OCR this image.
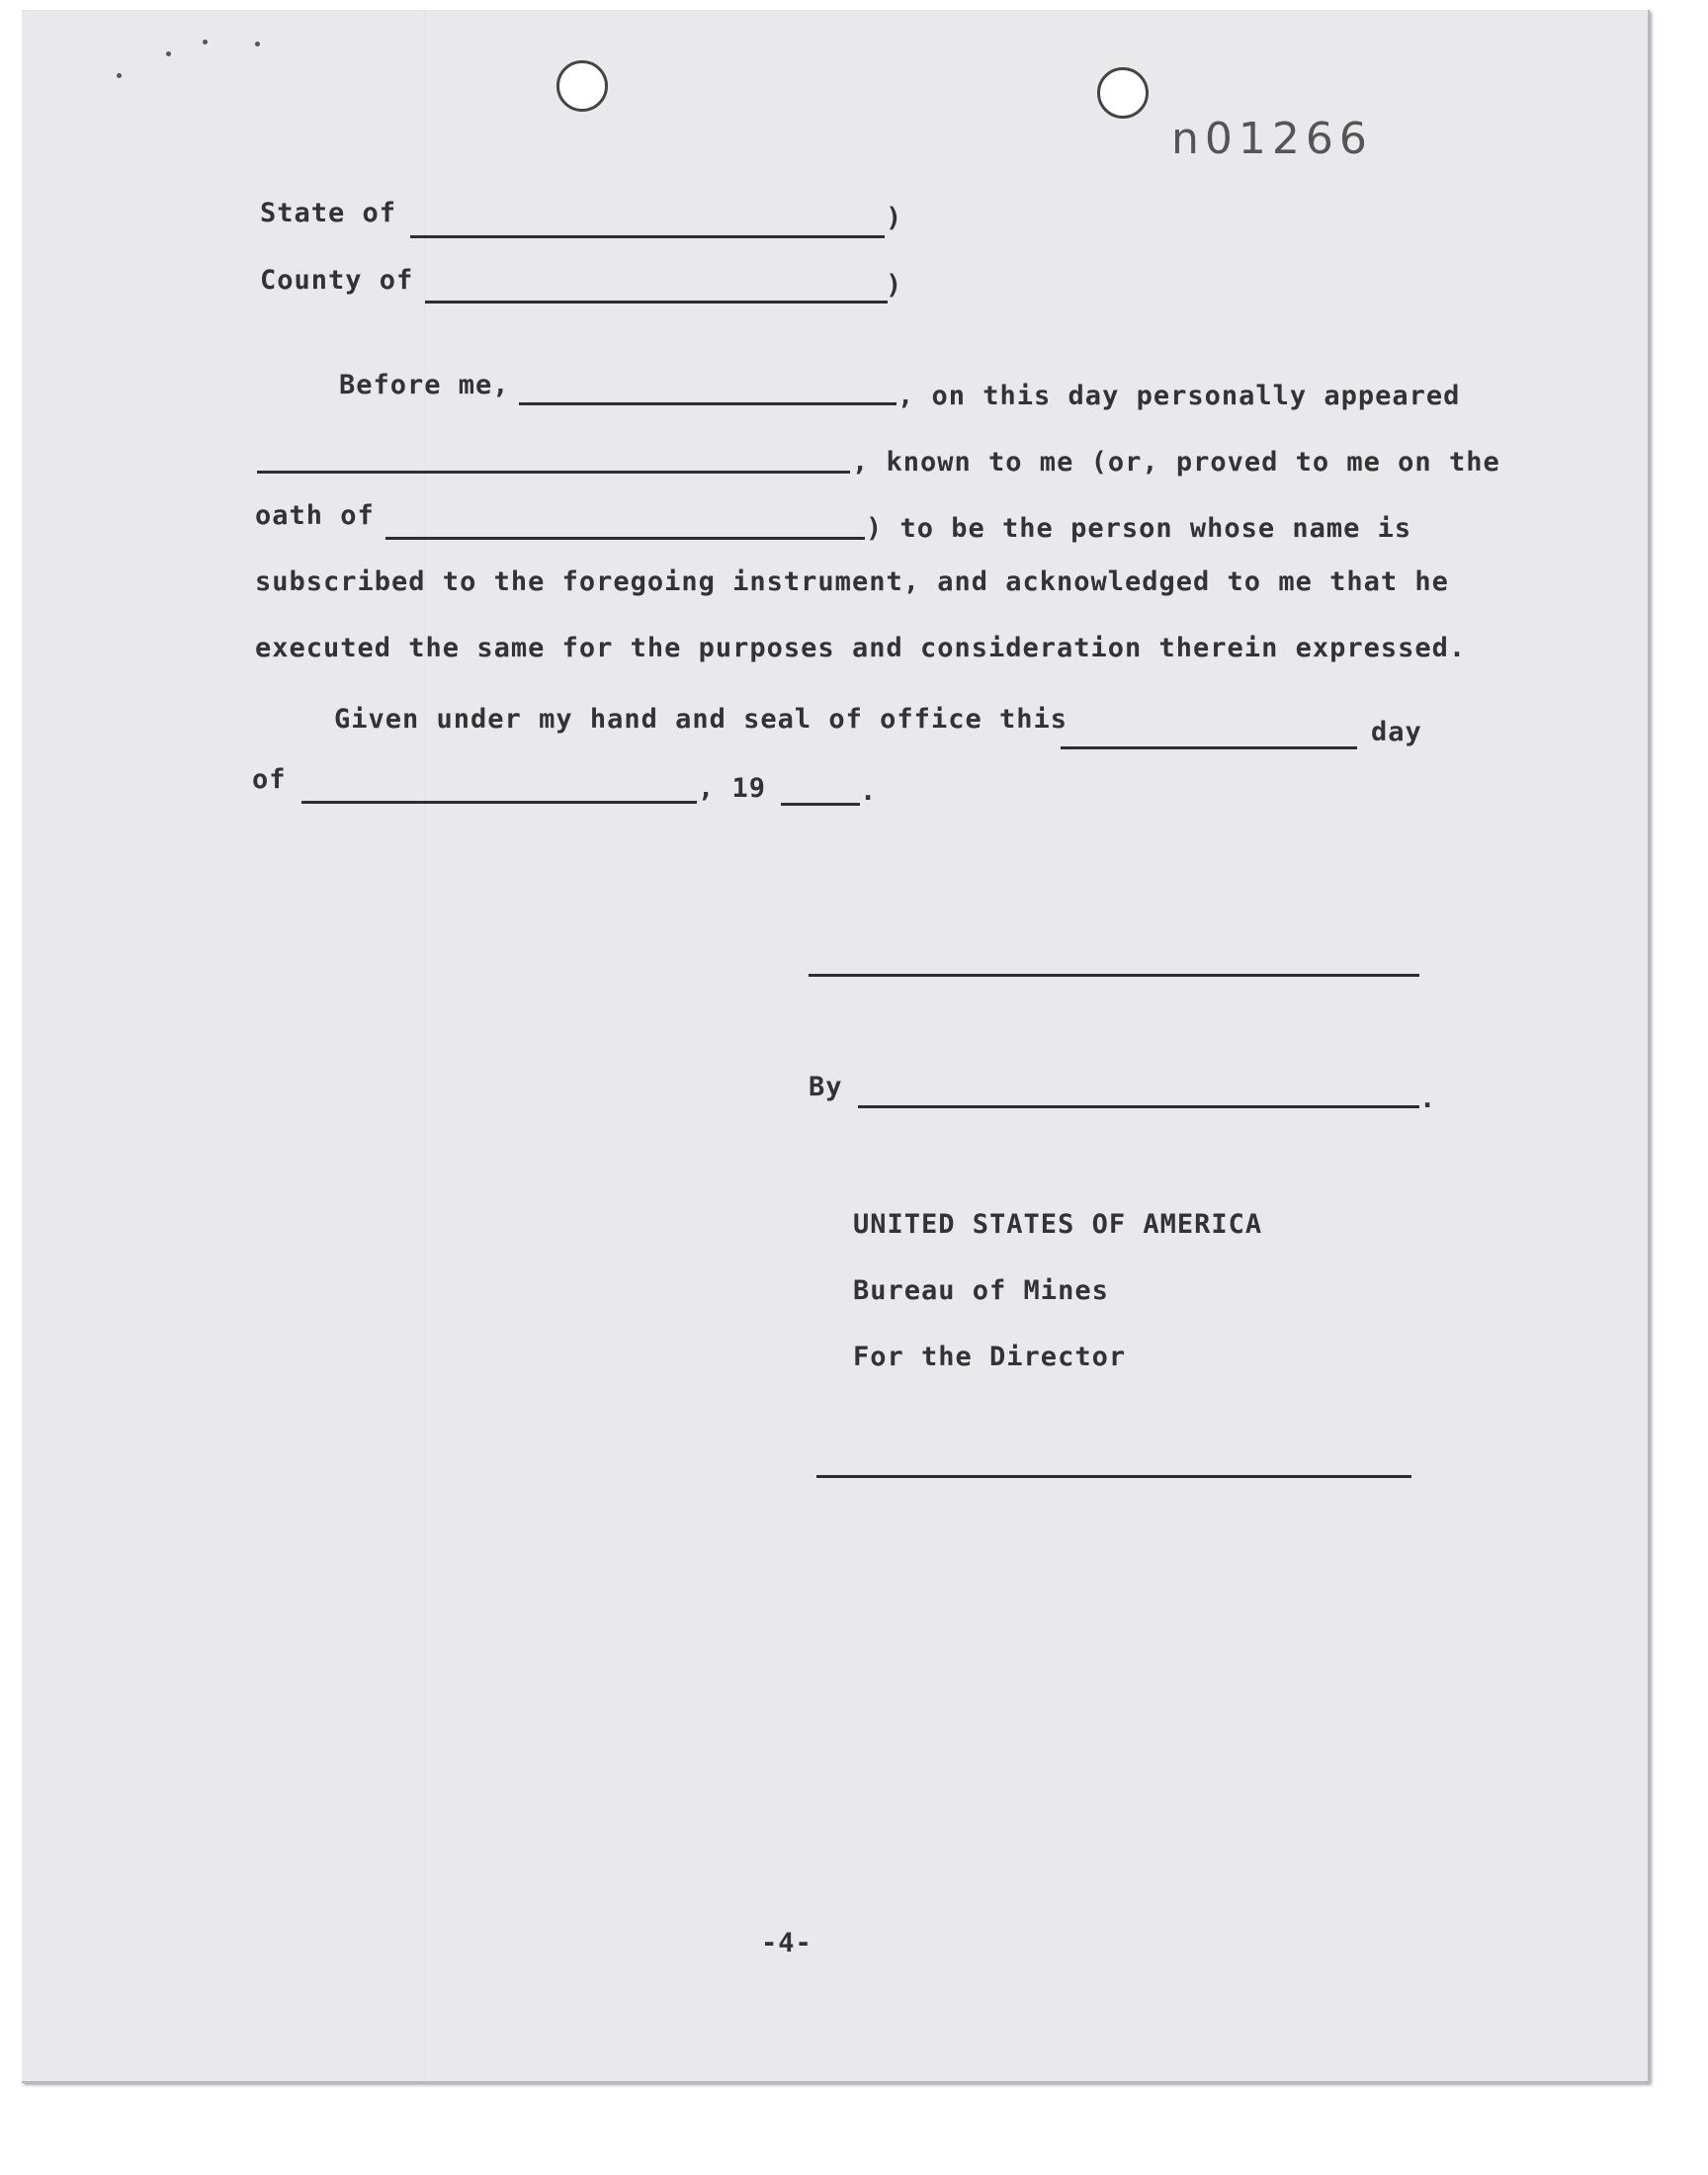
n01266
State of	)
County of	)
Before me,	, on this day personally appeared
, known to me (or, proved to me on the
oath of	) to be the person whose name is
subscribed to the foregoing instrument, and acknowledged to me that he
executed the same for the purposes and consideration therein expressed.
Given under my hand and seal of office this	day
of	, 19	.
By	.
UNITED STATES OF AMERICA
Bureau of Mines
For the Director
-4-
